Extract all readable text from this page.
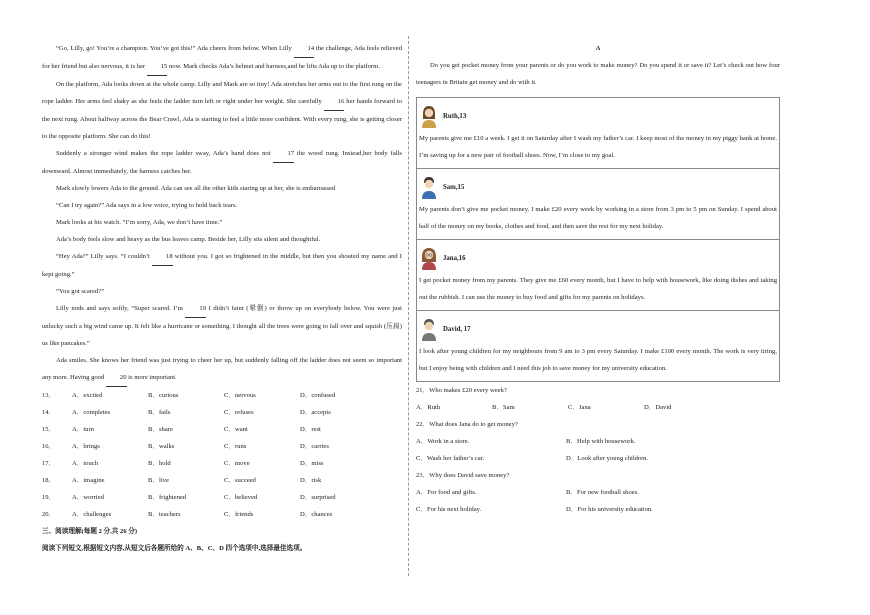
“Go, Lilly, go! You’re a champion. You’ve got this!” Ada cheers from below. When Lilly 14 the challenge, Ada feels relieved for her friend but also nervous, it is her 15 now. Mark checks Ada’s helmet and harness,and he lifts Ada up to the platform.

On the platform, Ada looks down at the whole camp. Lilly and Mark are so tiny! Ada stretches her arms out to the first rung on the rope ladder. Her arms feel shaky as she feels the ladder turn left or right under her weight. She carefully 16 her hands forward to the next rung. About halfway across the Bear Crawl, Ada is starting to feel a little more confident. With every rung, she is getting closer to the opposite platform. She can do this!

Suddenly a stronger wind makes the rope ladder sway, Ada’s hand does not 17 the wood rung. Instead,her body falls downward. Almost immediately, the harness catches her.

Mark slowly lowers Ada to the ground. Ada can see all the other kids staring up at her, she is embarrassed

“Can I try again?” Ada says in a low voice, trying to hold back tears.

Mark looks at his watch. “I’m sorry, Ada, we don’t have time.”

Ada’s body feels slow and heavy as the bus leaves camp. Beside her, Lilly sits silent and thoughtful.

“Hey Ada?” Lilly says. “I couldn’t 18 without you. I got so frightened in the middle, but then you shouted my name and I kept going.”

“You got scared?”

Lilly nods and says softly, “Super scared. I’m 19 I didn’t faint (晕倒) or throw up on everybody below. You were just unlucky such a big wind came up. It felt like a hurricane or something. I thought all the trees were going to fall over and squish (压扁) us like pancakes.”

Ada smiles. She knows her friend was just trying to cheer her up, but suddenly falling off the ladder does not seem so important any more. Having good 20 is more important.

13．	A．excited	B．curious	C．nervous	D．confused
14．	A．completes	B．fails	C．refuses	D．accepts
15．	A．turn	B．share	C．want	D．rest
16．	A．brings	B．walks	C．runs	D．carries
17．	A．touch	B．hold	C．move	D．miss
18．	A．imagine	B．live	C．succeed	D．risk
19．	A．worried	B．frightened	C．believed	D．surprised
20．	A．challenges	B．teachers	C．friends	D．chances

三、阅读理解(每题 2 分,共 26 分)

阅读下列短文,根据短文内容,从短文后各题所给的 A、B、C、D 四个选项中,选择最佳选项。

A

Do you get pocket money from your parents or do you work to make money? Do you spend it or save it? Let’s check out how four teenagers in Britain get money and do with it.

Ruth,13

My parents give me £10 a week. I get it on Saturday after I wash my father’s car. I keep most of the money in my piggy bank at home. I’m saving up for a new pair of football shoes. Now, I’m close to my goal.

Sam,15

My parents don’t give me pocket money. I make £20 every week by working in a store from 3 pm to 5 pm on Sunday. I spend about half of the money on my books, clothes and food, and then save the rest for my next holiday.

Jana,16

I get pocket money from my parents. They give me £60 every month, but I have to help with housework, like doing dishes and taking out the rubbish. I can use the money to buy food and gifts for my parents on holidays.

David, 17

I look after young children for my neighbours from 9 am to 3 pm every Saturday. I make £100 every month. The work is very tiring, but I enjoy being with children and I need this job to save money for my university education.

21．Who makes £20 every week?

A．Ruth	B．Sam	C．Jana	D．David

22．What does Jana do to get money?

A．Work in a store.	B．Help with housework.
C．Wash her father’s car.	D．Look after young children.

23．Why does David save money?

A．For food and gifts.	B．For new football shoes.
C．For his next holiday.	D．For his university education.
